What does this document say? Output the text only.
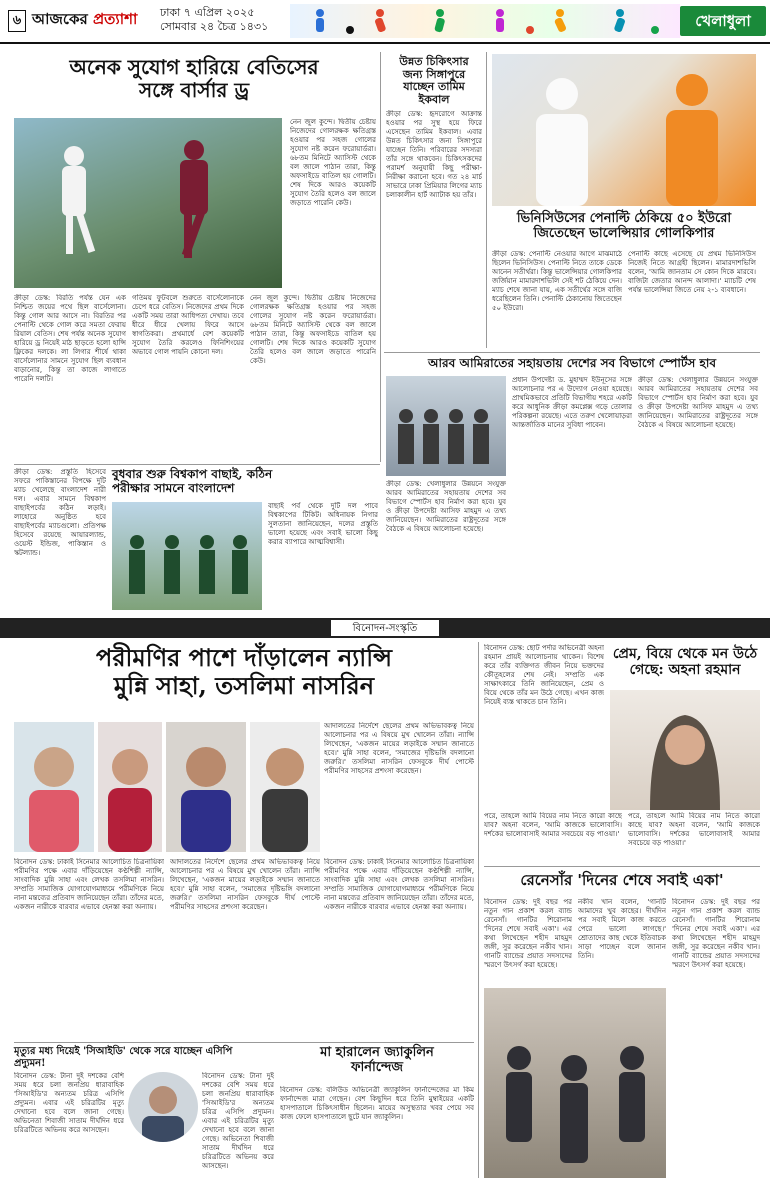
৬ আজকের প্রত্যাশা ঢাকা ৭ এপ্রিল ২০২৫
সোমবার ২৪ চৈত্র ১৪৩১	খেলাধুলা
অনেক সুযোগ হারিয়ে বেতিসের
সঙ্গে বার্সার ড্র
নেন জুল কুন্দে। দ্বিতীয় চেষ্টায় নিজেদের গোলরক্ষক ক্ষতিগ্রস্ত হওয়ার পর সহজ গোলের সুযোগ নষ্ট করেন ফরোয়ার্ডরা। ৬৮তম মিনিটে অ্যাসিস্ট থেকে বল জালে পাঠান তারা, কিন্তু অফসাইডে বাতিল হয় গোলটি। শেষ দিকে আরও কয়েকটি সুযোগ তৈরি হলেও বল জালে জড়াতে পারেনি কেউ।
ক্রীড়া ডেস্ক: বিরতি পর্যন্ত যেন এক নিশ্চিত জয়ের পথে ছিল বার্সেলোনা। কিন্তু গোল আর আসে না। বিরতির পর পেনাল্টি থেকে গোল করে সমতা ফেরায় রিয়াল বেতিস। শেষ পর্যন্ত অনেক সুযোগ হারিয়ে ড্র নিয়েই মাঠ ছাড়তে হলো হান্সি ফ্লিকের দলকে। লা লিগার শীর্ষে থাকা বার্সেলোনার সামনে সুযোগ ছিল ব্যবধান বাড়ানোর, কিন্তু তা কাজে লাগাতে পারেনি দলটি।
গতিময় ফুটবলে শুরুতে বার্সেলোনাকে চেপে ধরে বেতিস। নিজেদের প্রথম দিকে একটি সময় তারা আধিপত্য দেখায়। তবে ধীরে ধীরে খেলায় ফিরে আসে স্বাগতিকরা। প্রথমার্ধে বেশ কয়েকটি সুযোগ তৈরি করলেও ফিনিশিংয়ের অভাবে গোল পায়নি কোনো দল।
নেন জুল কুন্দে। দ্বিতীয় চেষ্টায় নিজেদের গোলরক্ষক ক্ষতিগ্রস্ত হওয়ার পর সহজ গোলের সুযোগ নষ্ট করেন ফরোয়ার্ডরা। ৬৮তম মিনিটে অ্যাসিস্ট থেকে বল জালে পাঠান তারা, কিন্তু অফসাইডে বাতিল হয় গোলটি। শেষ দিকে আরও কয়েকটি সুযোগ তৈরি হলেও বল জালে জড়াতে পারেনি কেউ।
উন্নত চিকিৎসার
জন্য সিঙ্গাপুরে
যাচ্ছেন তামিম
ইকবাল
ক্রীড়া ডেস্ক: হৃদরোগে আক্রান্ত হওয়ার পর সুস্থ হয়ে ফিরে এসেছেন তামিম ইকবাল। এবার উন্নত চিকিৎসার জন্য সিঙ্গাপুরে যাচ্ছেন তিনি। পরিবারের সদস্যরা তাঁর সঙ্গে থাকবেন। চিকিৎসকদের পরামর্শ অনুযায়ী কিছু পরীক্ষা-নিরীক্ষা করানো হবে। গত ২৪ মার্চ সাভারে ঢাকা প্রিমিয়ার লিগের ম্যাচ চলাকালীন হার্ট অ্যাটাক হয় তাঁর।
ভিনিসিউসের পেনাল্টি ঠেকিয়ে ৫০ ইউরো
জিতেছেন ভালেন্সিয়ার গোলকিপার
ক্রীড়া ডেস্ক: পেনাল্টি নেওয়ার আগে মাঝমাঠে ছিলেন ভিনিসিউস। পেনাল্টি নিতে তাকে ডেকে আনেন সতীর্থরা। কিন্তু ভালেন্সিয়ার গোলকিপার জর্জিয়ান মামারদাশভিলি সেই শট ঠেকিয়ে দেন। ম্যাচ শেষে জানা যায়, এক সতীর্থের সঙ্গে বাজি ধরেছিলেন তিনি। পেনাল্টি ঠেকানোয় জিতেছেন ৫০ ইউরো।
পেনাল্টি কাছে এসেছে যে প্রথম ভিনিসিউস নিজেই নিতে আগ্রহী ছিলেন। মামারদাশভিলি বলেন, 'আমি জানতাম সে কোন দিকে মারবে। বাজিটা জেতার আনন্দ আলাদা।' ম্যাচটি শেষ পর্যন্ত ভালেন্সিয়া জিতে নেয় ২-১ ব্যবধানে।
আরব আমিরাতের সহায়তায় দেশের সব বিভাগে স্পোর্টস হাব
ক্রীড়া ডেস্ক: খেলাধুলার উন্নয়নে সংযুক্ত আরব আমিরাতের সহায়তায় দেশের সব বিভাগে স্পোর্টস হাব নির্মাণ করা হবে। যুব ও ক্রীড়া উপদেষ্টা আসিফ মাহমুদ এ তথ্য জানিয়েছেন। আমিরাতের রাষ্ট্রদূতের সঙ্গে বৈঠকে এ বিষয়ে আলোচনা হয়েছে।
প্রধান উপদেষ্টা ড. মুহাম্মদ ইউনূসের সঙ্গে আলোচনার পর এ উদ্যোগ নেওয়া হয়েছে। প্রাথমিকভাবে প্রতিটি বিভাগীয় শহরে একটি করে আধুনিক ক্রীড়া কমপ্লেক্স গড়ে তোলার পরিকল্পনা রয়েছে। এতে তরুণ খেলোয়াড়রা আন্তর্জাতিক মানের সুবিধা পাবেন।
ক্রীড়া ডেস্ক: খেলাধুলার উন্নয়নে সংযুক্ত আরব আমিরাতের সহায়তায় দেশের সব বিভাগে স্পোর্টস হাব নির্মাণ করা হবে। যুব ও ক্রীড়া উপদেষ্টা আসিফ মাহমুদ এ তথ্য জানিয়েছেন। আমিরাতের রাষ্ট্রদূতের সঙ্গে বৈঠকে এ বিষয়ে আলোচনা হয়েছে।
বুধবার শুরু বিশ্বকাপ বাছাই, কঠিন
পরীক্ষার সামনে বাংলাদেশ
ক্রীড়া ডেস্ক: প্রস্তুতি হিসেবে সফরে পাকিস্তানের বিপক্ষে দুটি ম্যাচ খেলেছে বাংলাদেশ নারী দল। এবার সামনে বিশ্বকাপ বাছাইপর্বের কঠিন লড়াই। লাহোরে অনুষ্ঠিত হবে বাছাইপর্বের ম্যাচগুলো। প্রতিপক্ষ হিসেবে রয়েছে আয়ারল্যান্ড, ওয়েস্ট ইন্ডিজ, পাকিস্তান ও স্কটল্যান্ড।
বাছাই পর্ব থেকে দুটি দল পাবে বিশ্বকাপের টিকিট। অধিনায়ক নিগার সুলতানা জানিয়েছেন, দলের প্রস্তুতি ভালো হয়েছে এবং সবাই ভালো কিছু করার ব্যাপারে আত্মবিশ্বাসী।
বিনোদন-সংস্কৃতি
পরীমণির পাশে দাঁড়ালেন ন্যান্সি
মুন্নি সাহা, তসলিমা নাসরিন
আদালতের নির্দেশে ছেলের প্রথম অভিভাবকত্ব নিয়ে আলোচনার পর এ বিষয়ে মুখ খোলেন তাঁরা। ন্যান্সি লিখেছেন, 'একজন মায়ের লড়াইকে সম্মান জানাতে হবে।' মুন্নি সাহা বলেন, 'সমাজের দৃষ্টিভঙ্গি বদলানো জরুরি।' তসলিমা নাসরিন ফেসবুকে দীর্ঘ পোস্টে পরীমণির সাহসের প্রশংসা করেছেন।
বিনোদন ডেস্ক: ঢাকাই সিনেমার আলোচিত চিত্রনায়িকা পরীমণির পক্ষে এবার দাঁড়িয়েছেন কণ্ঠশিল্পী ন্যান্সি, সাংবাদিক মুন্নি সাহা এবং লেখক তসলিমা নাসরিন। সম্প্রতি সামাজিক যোগাযোগমাধ্যমে পরীমণিকে নিয়ে নানা মন্তব্যের প্রতিবাদ জানিয়েছেন তাঁরা। তাঁদের মতে, একজন নারীকে বারবার এভাবে হেনস্তা করা অন্যায়।
আদালতের নির্দেশে ছেলের প্রথম অভিভাবকত্ব নিয়ে আলোচনার পর এ বিষয়ে মুখ খোলেন তাঁরা। ন্যান্সি লিখেছেন, 'একজন মায়ের লড়াইকে সম্মান জানাতে হবে।' মুন্নি সাহা বলেন, 'সমাজের দৃষ্টিভঙ্গি বদলানো জরুরি।' তসলিমা নাসরিন ফেসবুকে দীর্ঘ পোস্টে পরীমণির সাহসের প্রশংসা করেছেন।
বিনোদন ডেস্ক: ঢাকাই সিনেমার আলোচিত চিত্রনায়িকা পরীমণির পক্ষে এবার দাঁড়িয়েছেন কণ্ঠশিল্পী ন্যান্সি, সাংবাদিক মুন্নি সাহা এবং লেখক তসলিমা নাসরিন। সম্প্রতি সামাজিক যোগাযোগমাধ্যমে পরীমণিকে নিয়ে নানা মন্তব্যের প্রতিবাদ জানিয়েছেন তাঁরা। তাঁদের মতে, একজন নারীকে বারবার এভাবে হেনস্তা করা অন্যায়।
মৃত্যুর মধ্য দিয়েই 'সিআইডি' থেকে সরে যাচ্ছেন এসিপি প্রদ্যুমন!
বিনোদন ডেস্ক: টানা দুই দশকের বেশি সময় ধরে চলা জনপ্রিয় ধারাবাহিক 'সিআইডি'র অন্যতম চরিত্র এসিপি প্রদ্যুমন। এবার এই চরিত্রটির মৃত্যু দেখানো হবে বলে জানা গেছে। অভিনেতা শিবাজী সাতাম দীর্ঘদিন ধরে চরিত্রটিতে অভিনয় করে আসছেন।
বিনোদন ডেস্ক: টানা দুই দশকের বেশি সময় ধরে চলা জনপ্রিয় ধারাবাহিক 'সিআইডি'র অন্যতম চরিত্র এসিপি প্রদ্যুমন। এবার এই চরিত্রটির মৃত্যু দেখানো হবে বলে জানা গেছে। অভিনেতা শিবাজী সাতাম দীর্ঘদিন ধরে চরিত্রটিতে অভিনয় করে আসছেন।
মা হারালেন জ্যাকুলিন
ফার্নান্দেজ
বিনোদন ডেস্ক: বলিউড অভিনেত্রী জ্যাকুলিন ফার্নান্দেজের মা কিম ফার্নান্দেজ মারা গেছেন। বেশ কিছুদিন ধরে তিনি মুম্বাইয়ের একটি হাসপাতালে চিকিৎসাধীন ছিলেন। মায়ের অসুস্থতার খবর পেয়ে সব কাজ ফেলে হাসপাতালে ছুটে যান জ্যাকুলিন।
বিনোদন ডেস্ক: ছোট পর্দার অভিনেত্রী অহনা রহমান প্রায়ই আলোচনায় থাকেন। বিশেষ করে তাঁর ব্যক্তিগত জীবন নিয়ে ভক্তদের কৌতূহলের শেষ নেই। সম্প্রতি এক সাক্ষাৎকারে তিনি জানিয়েছেন, প্রেম ও বিয়ে থেকে তাঁর মন উঠে গেছে। এখন কাজ নিয়েই ব্যস্ত থাকতে চান তিনি।
প্রেম, বিয়ে থেকে মন উঠে
গেছে: অহনা রহমান
পরে, তাহলে আমি বিয়ের নাম নিতে কারো কাছে যাব? অহনা বলেন, 'আমি কাজকে ভালোবাসি। দর্শকের ভালোবাসাই আমার সবচেয়ে বড় পাওয়া।'
পরে, তাহলে আমি বিয়ের নাম নিতে কারো কাছে যাব? অহনা বলেন, 'আমি কাজকে ভালোবাসি। দর্শকের ভালোবাসাই আমার সবচেয়ে বড় পাওয়া।'
রেনেসাঁর 'দিনের শেষে সবাই একা'
বিনোদন ডেস্ক: দুই বছর পর নতুন গান প্রকাশ করল ব্যান্ড রেনেসাঁ। গানটির শিরোনাম 'দিনের শেষে সবাই একা'। এর কথা লিখেছেন শহীদ মাহমুদ জঙ্গী, সুর করেছেন নকীব খান। গানটি ব্যান্ডের প্রয়াত সদস্যদের স্মরণে উৎসর্গ করা হয়েছে।
নকীব খান বলেন, 'গানটি আমাদের খুব কাছের। দীর্ঘদিন পর সবাই মিলে কাজ করতে পেরে ভালো লাগছে।' শ্রোতাদের কাছ থেকে ইতিবাচক সাড়া পাচ্ছেন বলে জানান তিনি।
বিনোদন ডেস্ক: দুই বছর পর নতুন গান প্রকাশ করল ব্যান্ড রেনেসাঁ। গানটির শিরোনাম 'দিনের শেষে সবাই একা'। এর কথা লিখেছেন শহীদ মাহমুদ জঙ্গী, সুর করেছেন নকীব খান। গানটি ব্যান্ডের প্রয়াত সদস্যদের স্মরণে উৎসর্গ করা হয়েছে।
